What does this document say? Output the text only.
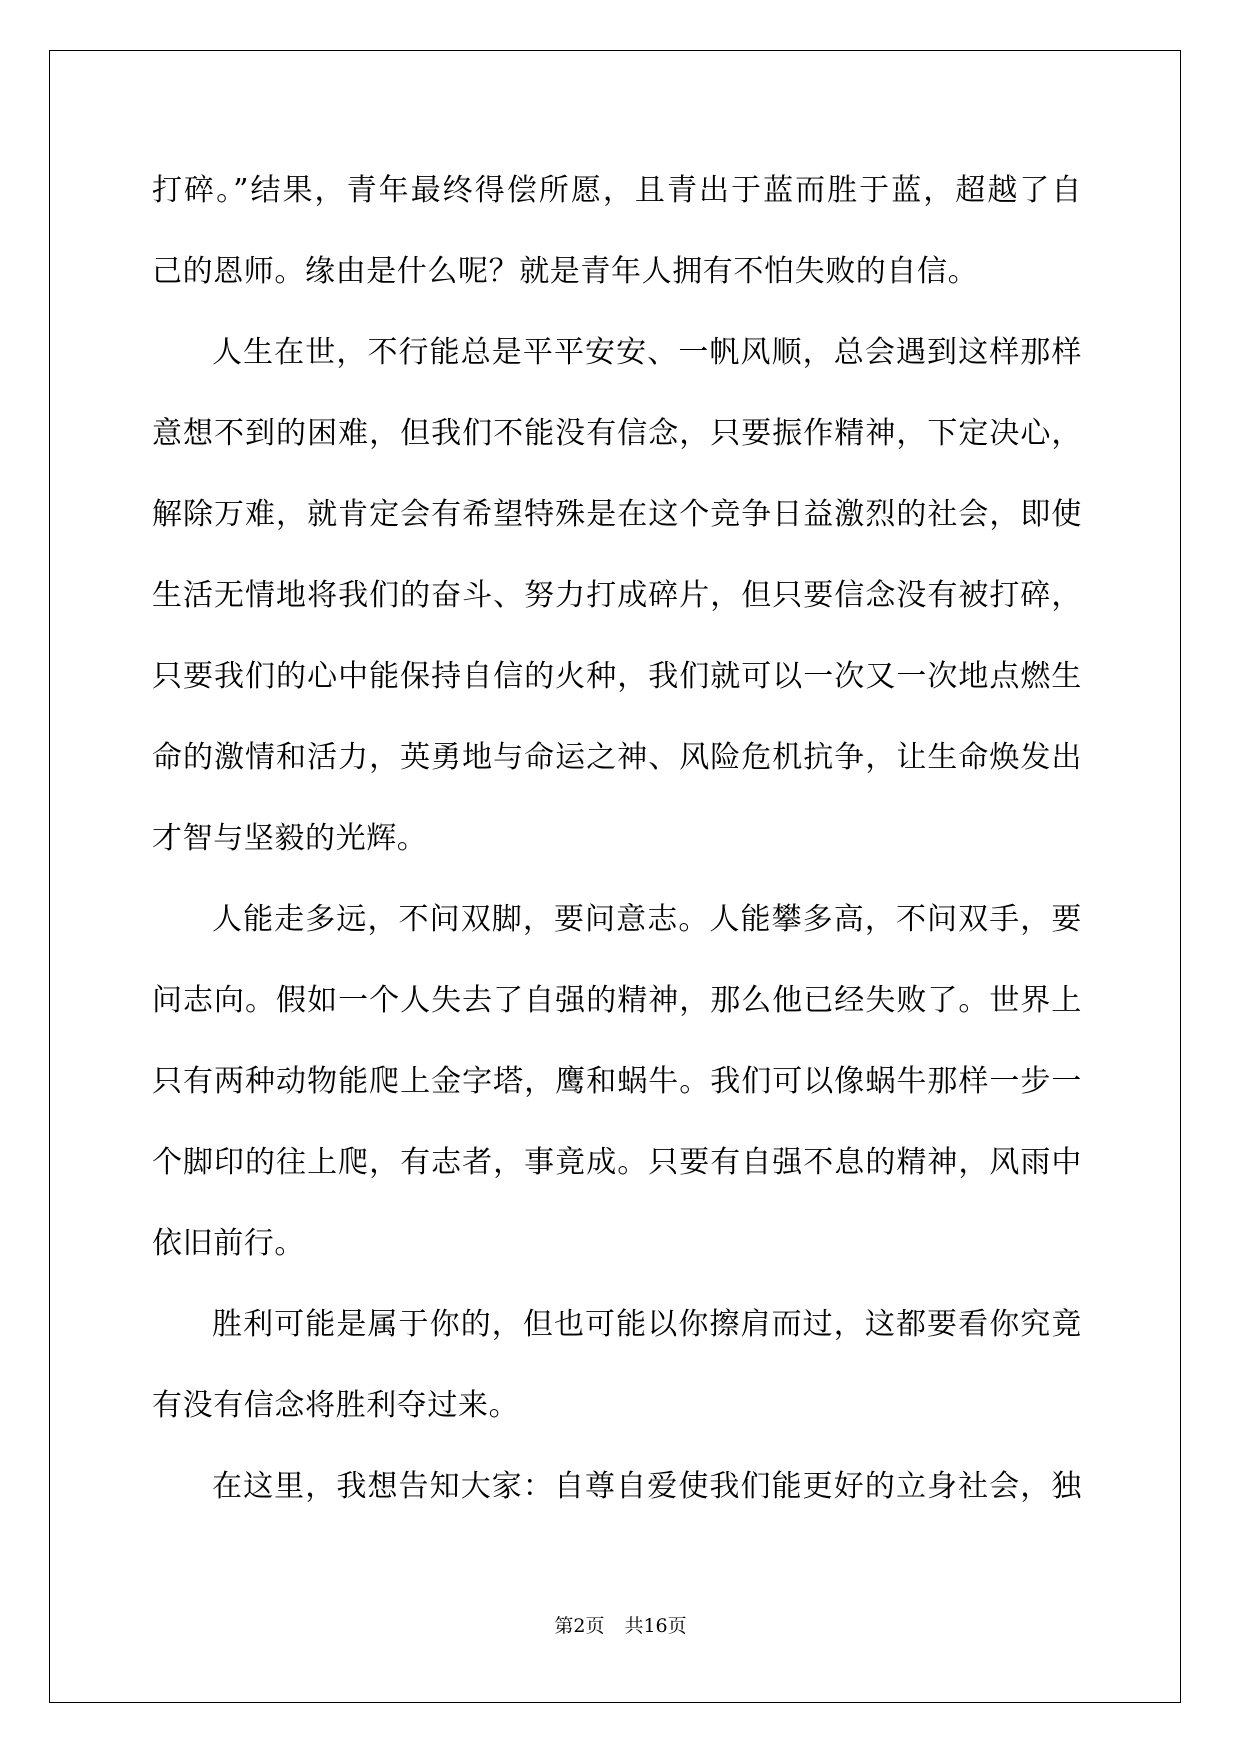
打碎。”结果，青年最终得偿所愿，且青出于蓝而胜于蓝，超越了自
己的恩师。缘由是什么呢？就是青年人拥有不怕失败的自信。
人生在世，不行能总是平平安安、一帆风顺，总会遇到这样那样
意想不到的困难，但我们不能没有信念，只要振作精神，下定决心，
解除万难，就肯定会有希望特殊是在这个竞争日益激烈的社会，即使
生活无情地将我们的奋斗、努力打成碎片，但只要信念没有被打碎，
只要我们的心中能保持自信的火种，我们就可以一次又一次地点燃生
命的激情和活力，英勇地与命运之神、风险危机抗争，让生命焕发出
才智与坚毅的光辉。
人能走多远，不问双脚，要问意志。人能攀多高，不问双手，要
问志向。假如一个人失去了自强的精神，那么他已经失败了。世界上
只有两种动物能爬上金字塔，鹰和蜗牛。我们可以像蜗牛那样一步一
个脚印的往上爬，有志者，事竟成。只要有自强不息的精神，风雨中
依旧前行。
胜利可能是属于你的，但也可能以你擦肩而过，这都要看你究竟
有没有信念将胜利夺过来。
在这里，我想告知大家：自尊自爱使我们能更好的立身社会，独
第2页 共16页
